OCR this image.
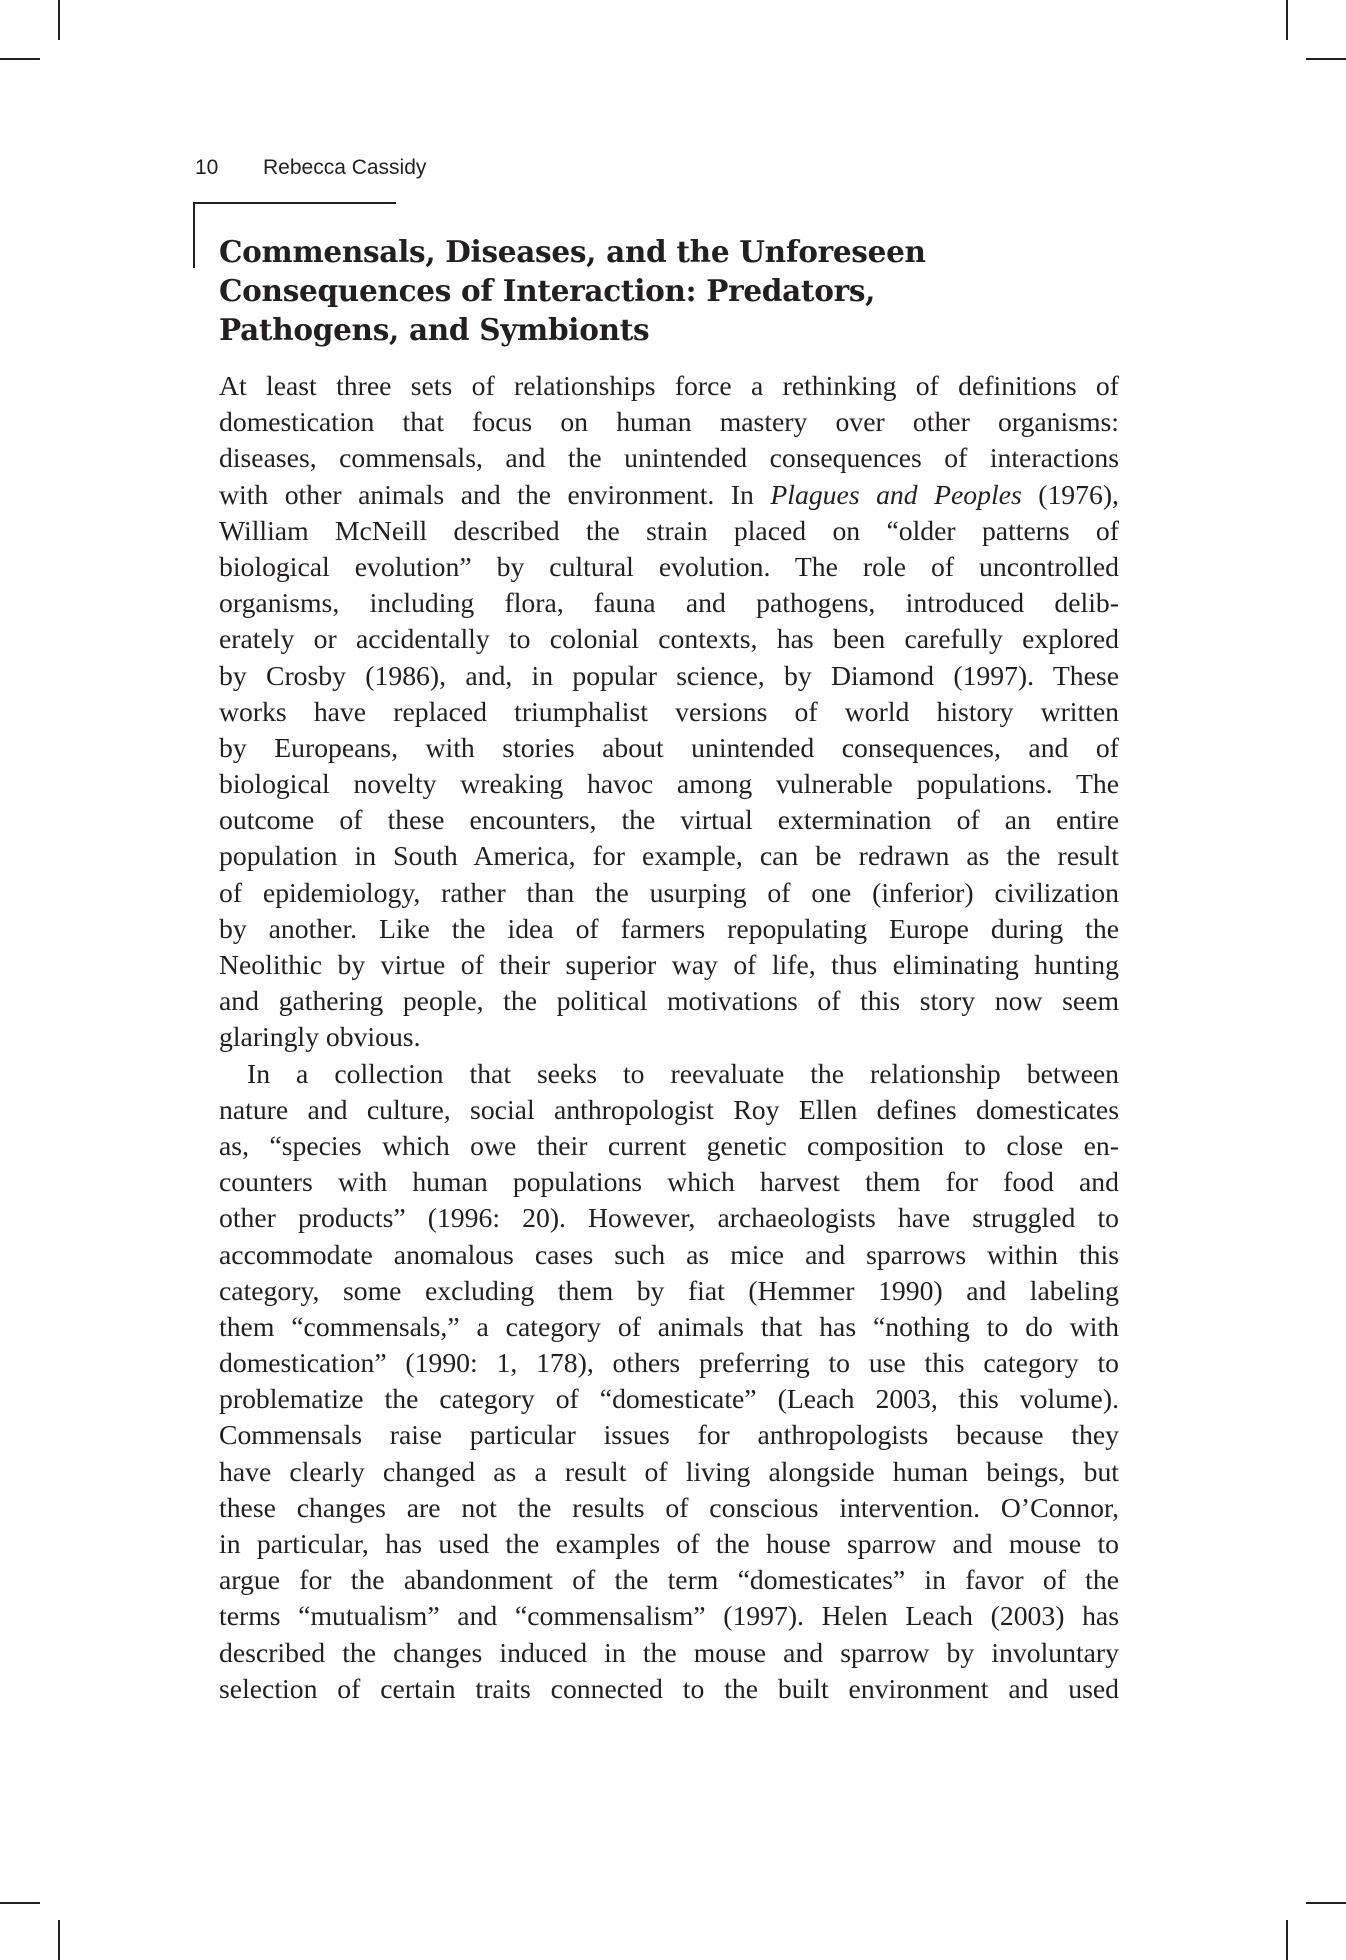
10 Rebecca Cassidy
Commensals, Diseases, and the Unforeseen
Consequences of Interaction: Predators,
Pathogens, and Symbionts
At least three sets of relationships force a rethinking of definitions of
domestication that focus on human mastery over other organisms:
diseases, commensals, and the unintended consequences of interactions
with other animals and the environment. In Plagues and Peoples (1976),
William McNeill described the strain placed on “older patterns of
biological evolution” by cultural evolution. The role of uncontrolled
organisms, including flora, fauna and pathogens, introduced delib-
erately or accidentally to colonial contexts, has been carefully explored
by Crosby (1986), and, in popular science, by Diamond (1997). These
works have replaced triumphalist versions of world history written
by Europeans, with stories about unintended consequences, and of
biological novelty wreaking havoc among vulnerable populations. The
outcome of these encounters, the virtual extermination of an entire
population in South America, for example, can be redrawn as the result
of epidemiology, rather than the usurping of one (inferior) civilization
by another. Like the idea of farmers repopulating Europe during the
Neolithic by virtue of their superior way of life, thus eliminating hunting
and gathering people, the political motivations of this story now seem
glaringly obvious.
In a collection that seeks to reevaluate the relationship between
nature and culture, social anthropologist Roy Ellen defines domesticates
as, “species which owe their current genetic composition to close en-
counters with human populations which harvest them for food and
other products” (1996: 20). However, archaeologists have struggled to
accommodate anomalous cases such as mice and sparrows within this
category, some excluding them by fiat (Hemmer 1990) and labeling
them “commensals,” a category of animals that has “nothing to do with
domestication” (1990: 1, 178), others preferring to use this category to
problematize the category of “domesticate” (Leach 2003, this volume).
Commensals raise particular issues for anthropologists because they
have clearly changed as a result of living alongside human beings, but
these changes are not the results of conscious intervention. O’Connor,
in particular, has used the examples of the house sparrow and mouse to
argue for the abandonment of the term “domesticates” in favor of the
terms “mutualism” and “commensalism” (1997). Helen Leach (2003) has
described the changes induced in the mouse and sparrow by involuntary
selection of certain traits connected to the built environment and used
